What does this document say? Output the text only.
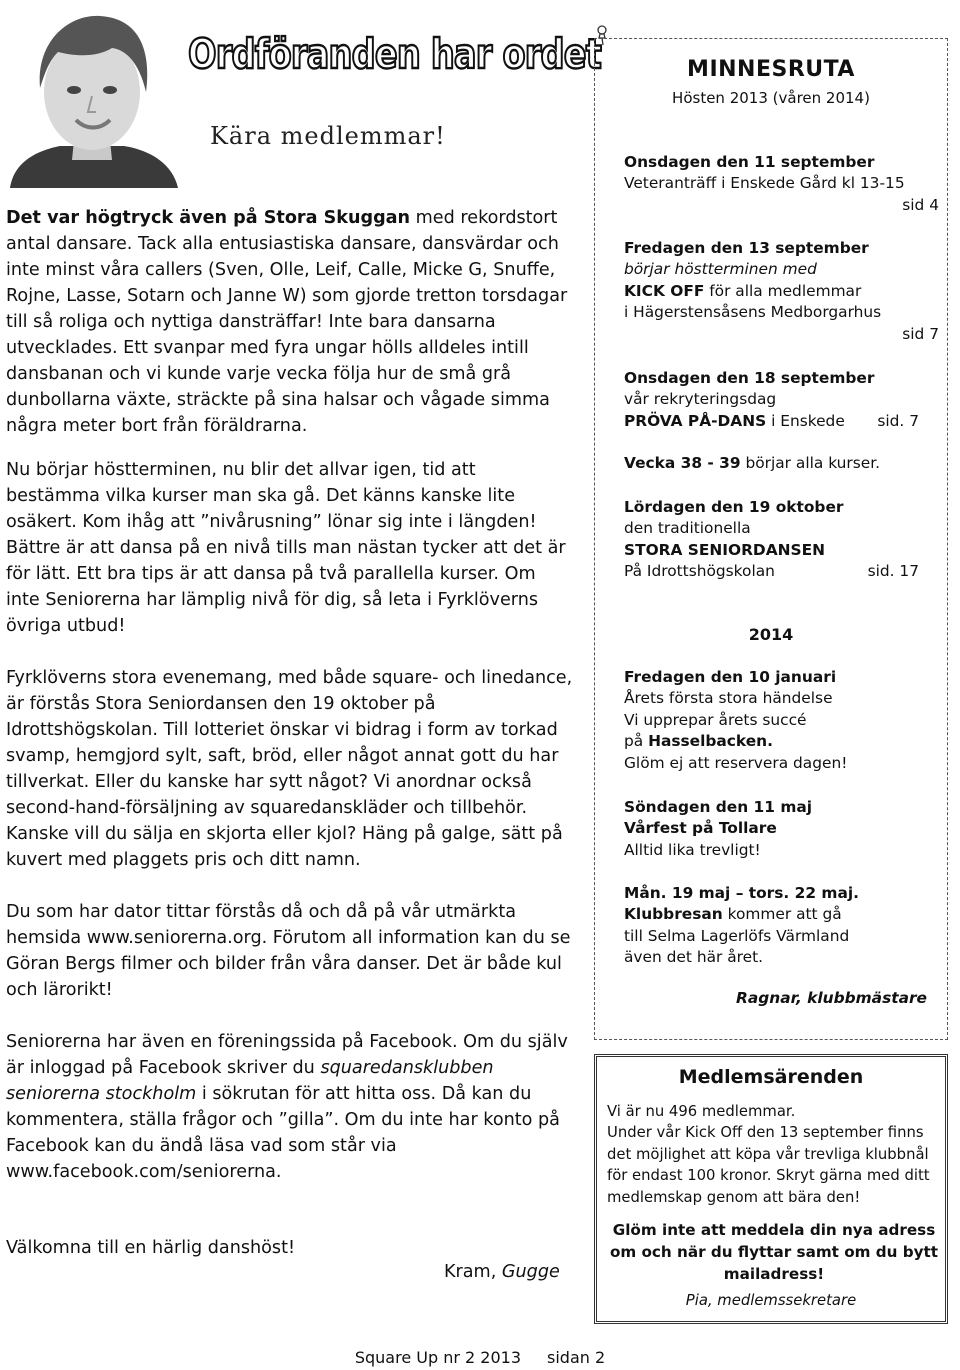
Ordföranden har ordet
Kära medlemmar!

Det var högtryck även på Stora Skuggan med rekordstort antal dansare. Tack alla entusiastiska dansare, dansvärdar och inte minst våra callers (Sven, Olle, Leif, Calle, Micke G, Snuffe, Rojne, Lasse, Sotarn och Janne W) som gjorde tretton torsdagar till så roliga och nyttiga dansträffar! Inte bara dansarna utvecklades. Ett svanpar med fyra ungar hölls alldeles intill dansbanan och vi kunde varje vecka följa hur de små grå dunbollarna växte, sträckte på sina halsar och vågade simma några meter bort från föräldrarna.

Nu börjar höstterminen, nu blir det allvar igen, tid att bestämma vilka kurser man ska gå. Det känns kanske lite osäkert. Kom ihåg att ”nivårusning” lönar sig inte i längden! Bättre är att dansa på en nivå tills man nästan tycker att det är för lätt. Ett bra tips är att dansa på två parallella kurser. Om inte Seniorerna har lämplig nivå för dig, så leta i Fyrklöverns övriga utbud!

Fyrklöverns stora evenemang, med både square- och linedance, är förstås Stora Seniordansen den 19 oktober på Idrottshögskolan. Till lotteriet önskar vi bidrag i form av torkad svamp, hemgjord sylt, saft, bröd, eller något annat gott du har tillverkat. Eller du kanske har sytt något? Vi anordnar också second-hand-försäljning av squaredanskläder och tillbehör. Kanske vill du sälja en skjorta eller kjol? Häng på galge, sätt på kuvert med plaggets pris och ditt namn.

Du som har dator tittar förstås då och då på vår utmärkta hemsida www.seniorerna.org. Förutom all information kan du se Göran Bergs filmer och bilder från våra danser. Det är både kul och lärorikt!

Seniorerna har även en föreningssida på Facebook. Om du själv är inloggad på Facebook skriver du squaredansklubben seniorerna stockholm i sökrutan för att hitta oss. Då kan du kommentera, ställa frågor och ”gilla”. Om du inte har konto på Facebook kan du ändå läsa vad som står via www.facebook.com/seniorerna.

Välkomna till en härlig danshöst!
Kram, Gugge
MINNESRUTA
Hösten 2013 (våren 2014)
Onsdagen den 11 september
Veteranträff i Enskede Gård kl 13-15
sid 4
Fredagen den 13 september
börjar höstterminen med
KICK OFF för alla medlemmar
i Hägerstensåsens Medborgarhus
sid 7
Onsdagen den 18 september
vår rekryteringsdag

PRÖVA PÅ-DANS i Enskede sid. 7
Vecka 38 - 39 börjar alla kurser.
Lördagen den 19 oktober
den traditionella
STORA SENIORDANSEN

På Idrottshögskolan	sid. 17
2014
Fredagen den 10 januari
Årets första stora händelse
Vi upprepar årets succé
på Hasselbacken.
Glöm ej att reservera dagen!
Söndagen den 11 maj
Vårfest på Tollare
Alltid lika trevligt!
Mån. 19 maj – tors. 22 maj.
Klubbresan kommer att gå
till Selma Lagerlöfs Värmland
även det här året.
Ragnar, klubbmästare
Medlemsärenden
Vi är nu 496 medlemmar.
Under vår Kick Off den 13 september finns det möjlighet att köpa vår trevliga klubbnål för endast 100 kronor. Skryt gärna med ditt medlemskap genom att bära den!
Glöm inte att meddela din nya adress om och när du flyttar samt om du bytt mailadress!
Pia, medlemssekretare
Square Up nr 2 2013 sidan 2
